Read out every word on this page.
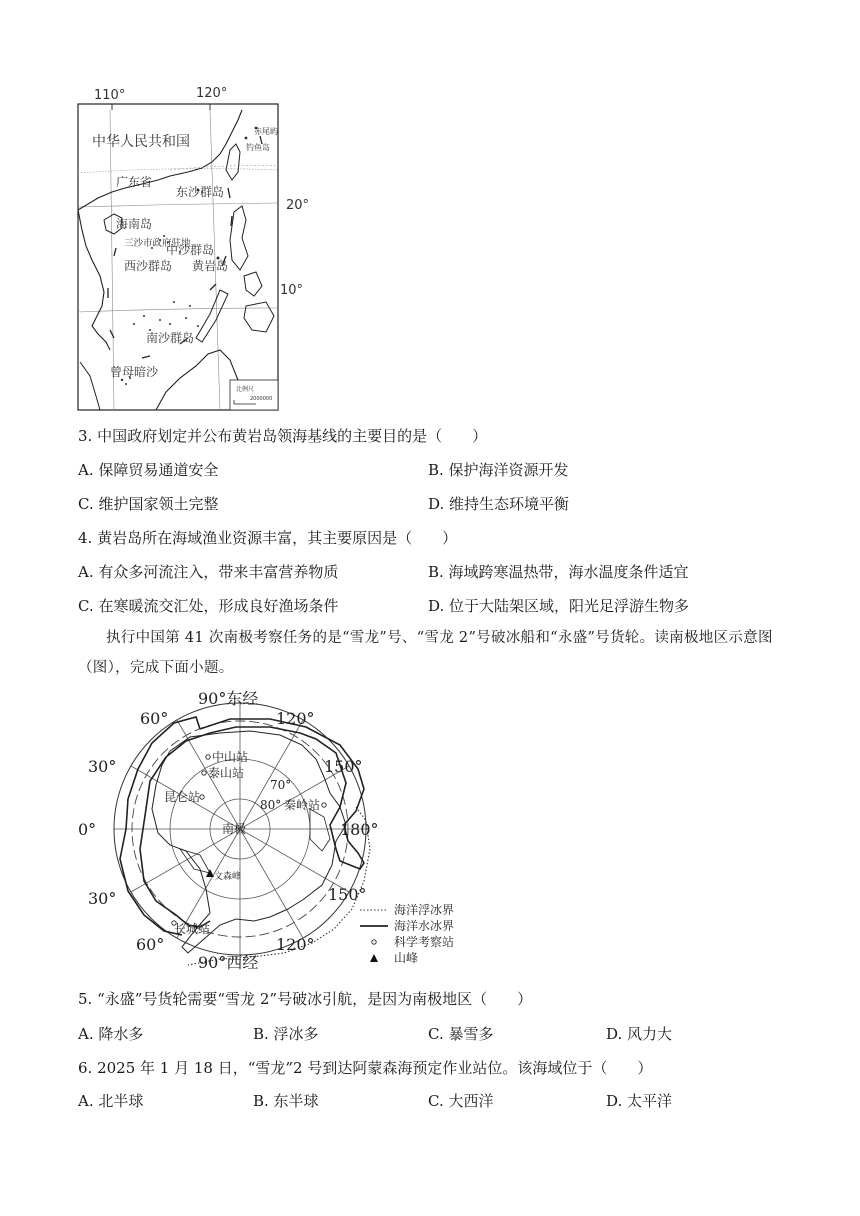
110°	120°
20°
10°
中华人民共和国
广东省
东沙群岛
海南岛
三沙市政府驻地
中沙群岛
西沙群岛 黄岩岛
南沙群岛
曾母暗沙
赤尾屿
钓鱼岛
比例尺
2000000
3. 中国政府划定并公布黄岩岛领海基线的主要目的是（　　）
A. 保障贸易通道安全	B. 保护海洋资源开发
C. 维护国家领土完整	D. 维持生态环境平衡
4. 黄岩岛所在海域渔业资源丰富，其主要原因是（　　）
A. 有众多河流注入，带来丰富营养物质	B. 海域跨寒温热带，海水温度条件适宜
C. 在寒暖流交汇处，形成良好渔场条件	D. 位于大陆架区域，阳光足浮游生物多
执行中国第 41 次南极考察任务的是“雪龙”号、“雪龙 2”号破冰船和“永盛”号货轮。读南极地区示意图（图），完成下面小题。
中山站
泰山站
70°
昆仑站
80° 秦岭站
南极
文森峰
长城站
90°东经
60°	120°
30°	150°
0°	180°
30°	150°
60°	120°
90°西经
海洋浮冰界
海洋水冰界
科学考察站
山峰
5. “永盛”号货轮需要“雪龙 2”号破冰引航，是因为南极地区（　　）
A. 降水多	B. 浮冰多	C. 暴雪多	D. 风力大
6. 2025 年 1 月 18 日，“雪龙”2 号到达阿蒙森海预定作业站位。该海域位于（　　）
A. 北半球	B. 东半球	C. 大西洋	D. 太平洋
